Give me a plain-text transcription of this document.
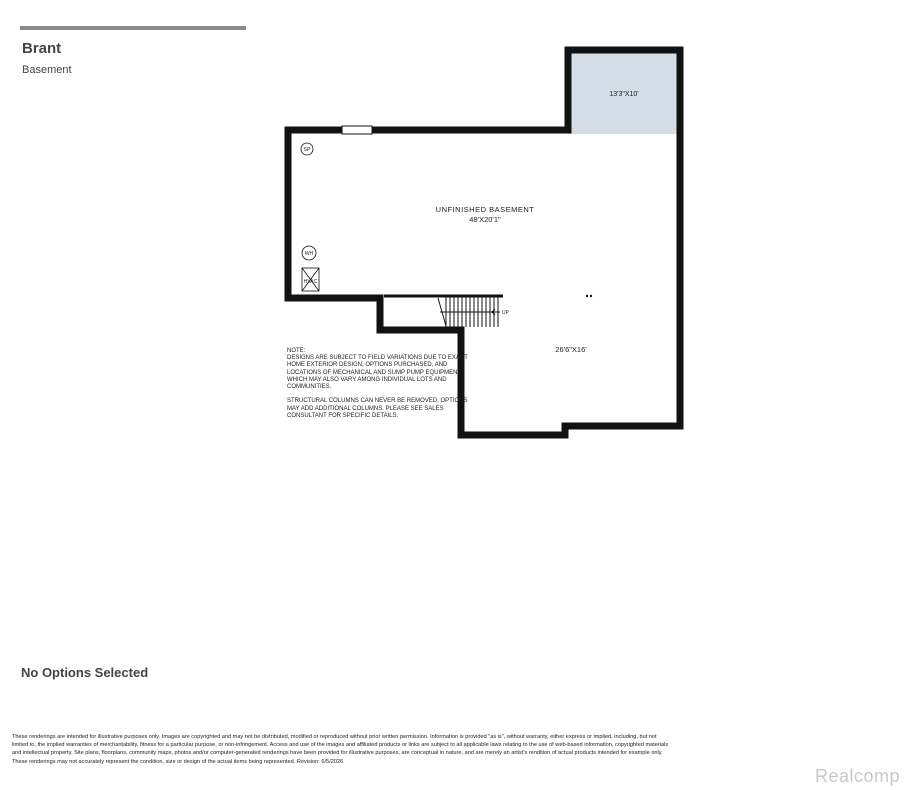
Brant
Basement
UP
13'3"X10'
UNFINISHED BASEMENT
48'X20'1"
26'6"X16'
SP
WH
HVAC
NOTE:
DESIGNS ARE SUBJECT TO FIELD VARIATIONS DUE TO EXACT HOME EXTERIOR DESIGN, OPTIONS PURCHASED, AND LOCATIONS OF MECHANICAL AND SUMP PUMP EQUIPMENT, WHICH MAY ALSO VARY AMONG INDIVIDUAL LOTS AND COMMUNITIES.

STRUCTURAL COLUMNS CAN NEVER BE REMOVED. OPTIONS MAY ADD ADDITIONAL COLUMNS. PLEASE SEE SALES CONSULTANT FOR SPECIFIC DETAILS.
No Options Selected
These renderings are intended for illustrative purposes only. Images are copyrighted and may not be distributed, modified or reproduced without prior written permission. Information is provided "as is", without warranty, either express or implied, including, but not limited to, the implied warranties of merchantability, fitness for a particular purpose, or non-infringement. Access and use of the images and affiliated products or links are subject to all applicable laws relating to the use of web-based information, copyrighted materials and intellectual property. Site plans, floorplans, community maps, photos and/or computer-generated renderings have been provided for illustrative purposes, are conceptual in nature, and are merely an artist's rendition of actual products intended for example only. These renderings may not accurately represent the condition, size or design of the actual items being represented. Revision: 6/5/2026
Realcomp
